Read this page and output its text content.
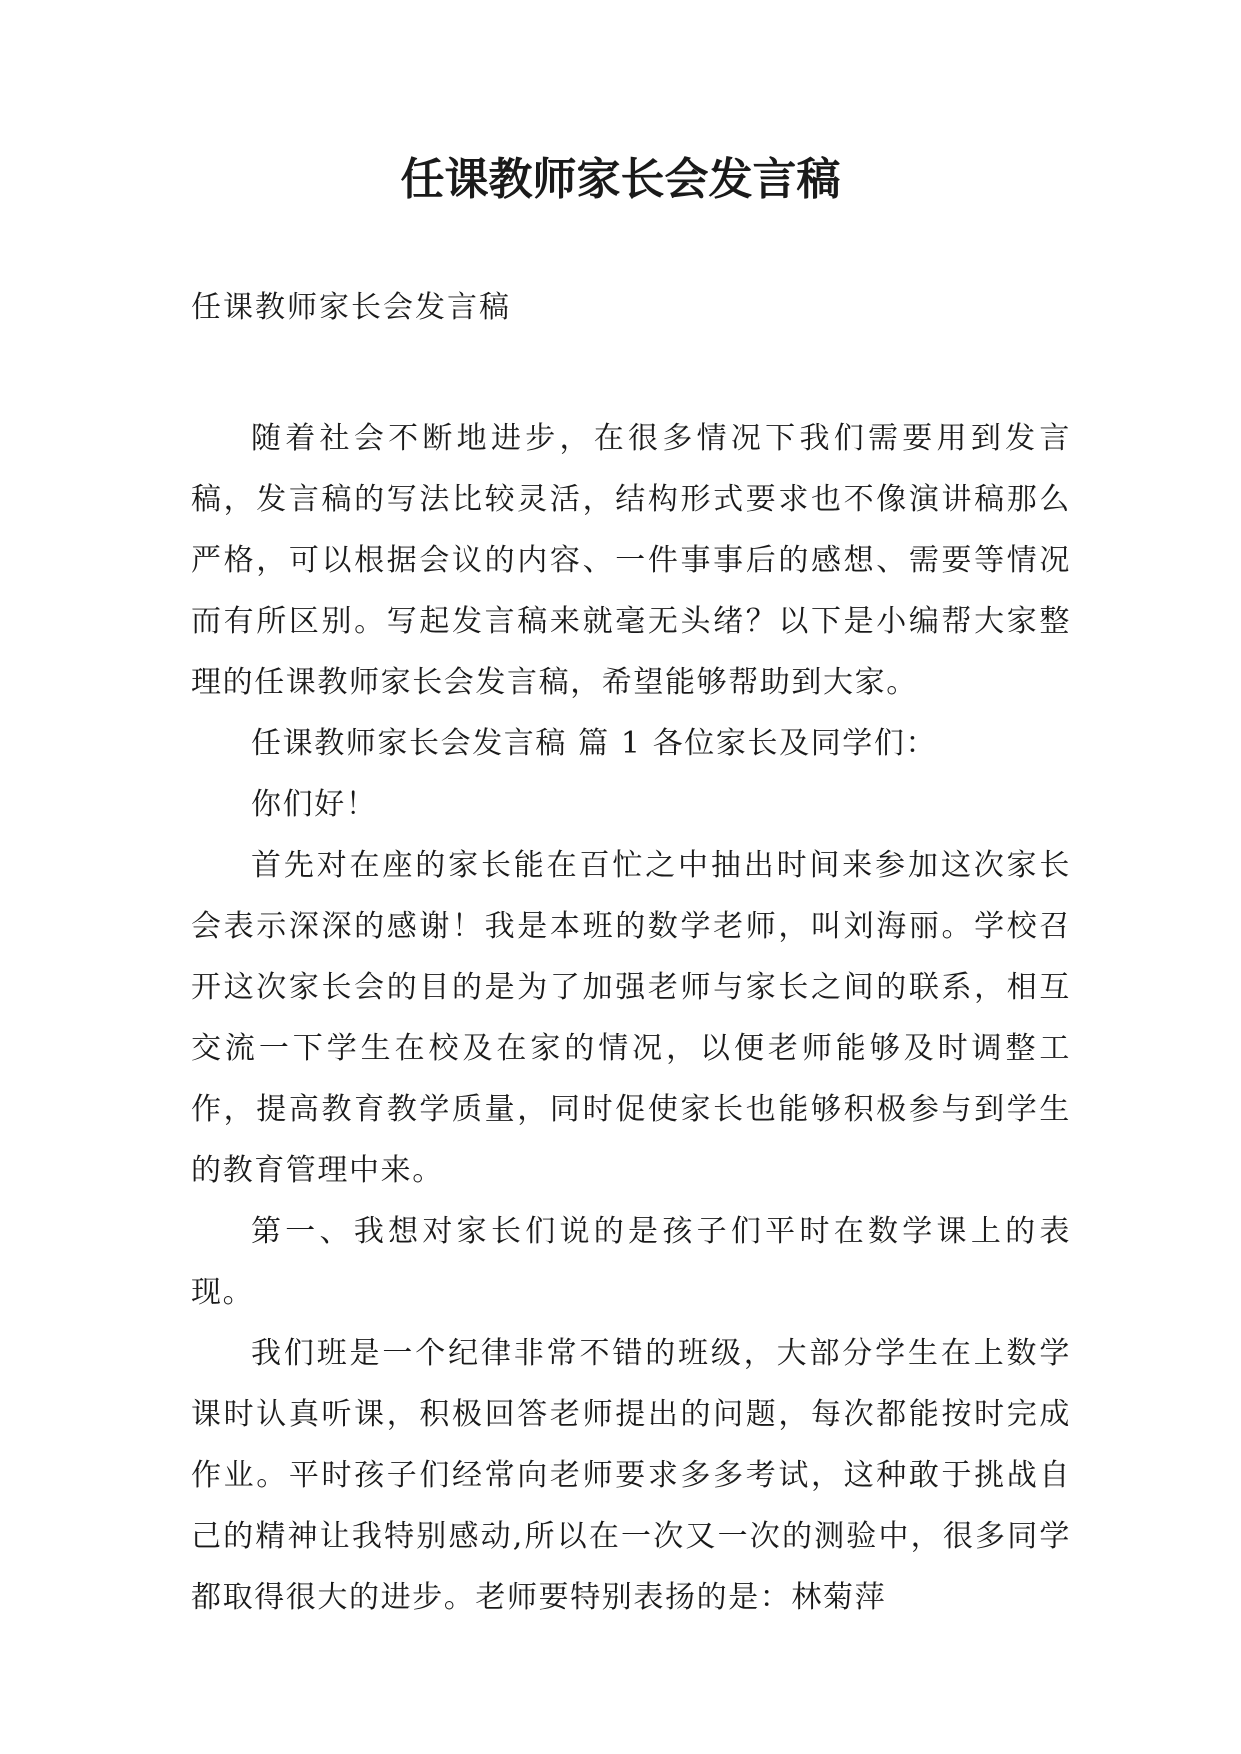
任课教师家长会发言稿
任课教师家长会发言稿

随着社会不断地进步，在很多情况下我们需要用到发言稿，发言稿的写法比较灵活，结构形式要求也不像演讲稿那么严格，可以根据会议的内容、一件事事后的感想、需要等情况而有所区别。写起发言稿来就毫无头绪？以下是小编帮大家整理的任课教师家长会发言稿，希望能够帮助到大家。

任课教师家长会发言稿 篇 1 各位家长及同学们：

你们好！

首先对在座的家长能在百忙之中抽出时间来参加这次家长会表示深深的感谢！我是本班的数学老师，叫刘海丽。学校召开这次家长会的目的是为了加强老师与家长之间的联系，相互交流一下学生在校及在家的情况，以便老师能够及时调整工作，提高教育教学质量，同时促使家长也能够积极参与到学生的教育管理中来。

第一、我想对家长们说的是孩子们平时在数学课上的表现。

我们班是一个纪律非常不错的班级，大部分学生在上数学课时认真听课，积极回答老师提出的问题，每次都能按时完成作业。平时孩子们经常向老师要求多多考试，这种敢于挑战自己的精神让我特别感动,所以在一次又一次的测验中，很多同学都取得很大的进步。老师要特别表扬的是：林菊萍
